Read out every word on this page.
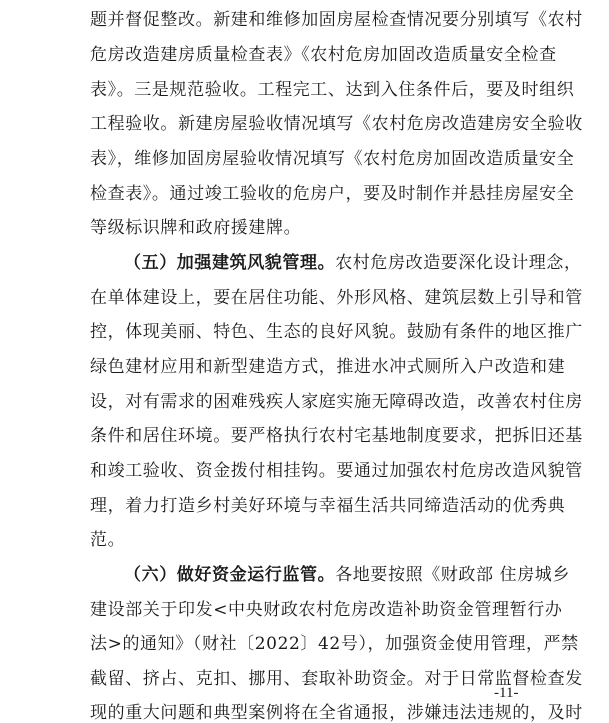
题并督促整改。新建和维修加固房屋检查情况要分别填写《农村
危房改造建房质量检查表》《农村危房加固改造质量安全检查
表》。三是规范验收。工程完工、达到入住条件后，要及时组织
工程验收。新建房屋验收情况填写《农村危房改造建房安全验收
表》，维修加固房屋验收情况填写《农村危房加固改造质量安全
检查表》。通过竣工验收的危房户，要及时制作并悬挂房屋安全
等级标识牌和政府援建牌。
（五）加强建筑风貌管理。农村危房改造要深化设计理念，
在单体建设上，要在居住功能、外形风格、建筑层数上引导和管
控，体现美丽、特色、生态的良好风貌。鼓励有条件的地区推广
绿色建材应用和新型建造方式，推进水冲式厕所入户改造和建
设，对有需求的困难残疾人家庭实施无障碍改造，改善农村住房
条件和居住环境。要严格执行农村宅基地制度要求，把拆旧还基
和竣工验收、资金拨付相挂钩。要通过加强农村危房改造风貌管
理，着力打造乡村美好环境与幸福生活共同缔造活动的优秀典
范。
（六）做好资金运行监管。各地要按照《财政部 住房城乡
建设部关于印发<中央财政农村危房改造补助资金管理暂行办
法>的通知》（财社〔2022〕42号），加强资金使用管理，严禁
截留、挤占、克扣、挪用、套取补助资金。对于日常监督检查发
现的重大问题和典型案例将在全省通报，涉嫌违法违规的，及时
-11-
